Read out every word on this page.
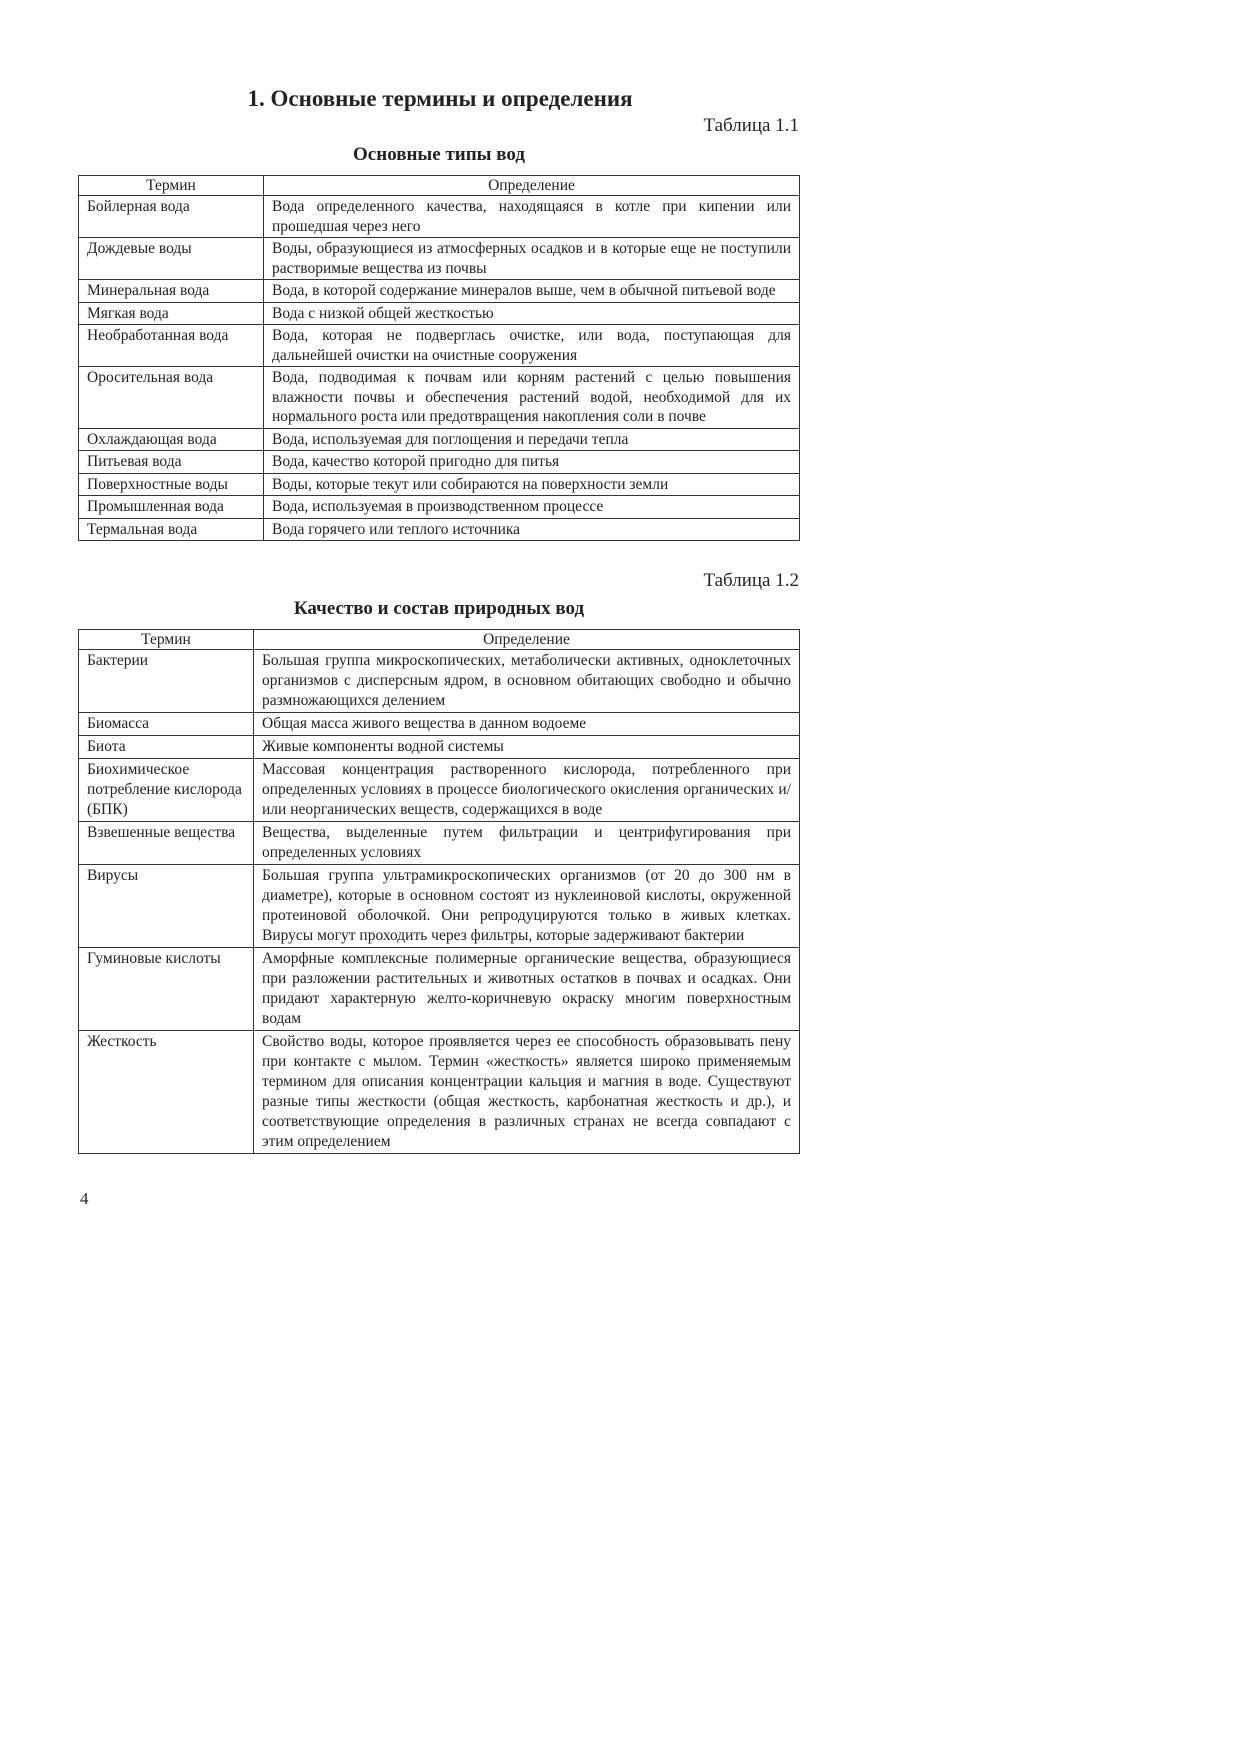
1. Основные термины и определения
Таблица 1.1
Основные типы вод
Термин	Определение
Бойлерная вода	Вода определенного качества, находящаяся в котле при кипении или прошедшая через него
Дождевые воды	Воды, образующиеся из атмосферных осадков и в которые еще не поступили растворимые вещества из почвы
Минеральная вода	Вода, в которой содержание минералов выше, чем в обычной питьевой воде
Мягкая вода	Вода с низкой общей жесткостью
Необработанная вода	Вода, которая не подверглась очистке, или вода, поступающая для дальнейшей очистки на очистные сооружения
Оросительная вода	Вода, подводимая к почвам или корням растений с целью повышения влажности почвы и обеспечения растений водой, необходимой для их нормального роста или предотвращения накопления соли в почве
Охлаждающая вода	Вода, используемая для поглощения и передачи тепла
Питьевая вода	Вода, качество которой пригодно для питья
Поверхностные воды	Воды, которые текут или собираются на поверхности земли
Промышленная вода	Вода, используемая в производственном процессе
Термальная вода	Вода горячего или теплого источника
Таблица 1.2
Качество и состав природных вод
Термин	Определение
Бактерии	Большая группа микроскопических, метаболически активных, одноклеточных организмов с дисперсным ядром, в основном обитающих свободно и обычно размножающихся делением
Биомасса	Общая масса живого вещества в данном водоеме
Биота	Живые компоненты водной системы
Биохимическое потребление кислорода (БПК)	Массовая концентрация растворенного кислорода, потребленного при определенных условиях в процессе биологического окисления органических и/или неорганических веществ, содержащихся в воде
Взвешенные вещества	Вещества, выделенные путем фильтрации и центрифугирования при определенных условиях
Вирусы	Большая группа ультрамикроскопических организмов (от 20 до 300 нм в диаметре), которые в основном состоят из нуклеиновой кислоты, окруженной протеиновой оболочкой. Они репродуцируются только в живых клетках. Вирусы могут проходить через фильтры, которые задерживают бактерии
Гуминовые кислоты	Аморфные комплексные полимерные органические вещества, образующиеся при разложении растительных и животных остатков в почвах и осадках. Они придают характерную желто-коричневую окраску многим поверхностным водам
Жесткость	Свойство воды, которое проявляется через ее способность образовывать пену при контакте с мылом. Термин «жесткость» является широко применяемым термином для описания концентрации кальция и магния в воде. Существуют разные типы жесткости (общая жесткость, карбонатная жесткость и др.), и соответствующие определения в различных странах не всегда совпадают с этим определением
4
